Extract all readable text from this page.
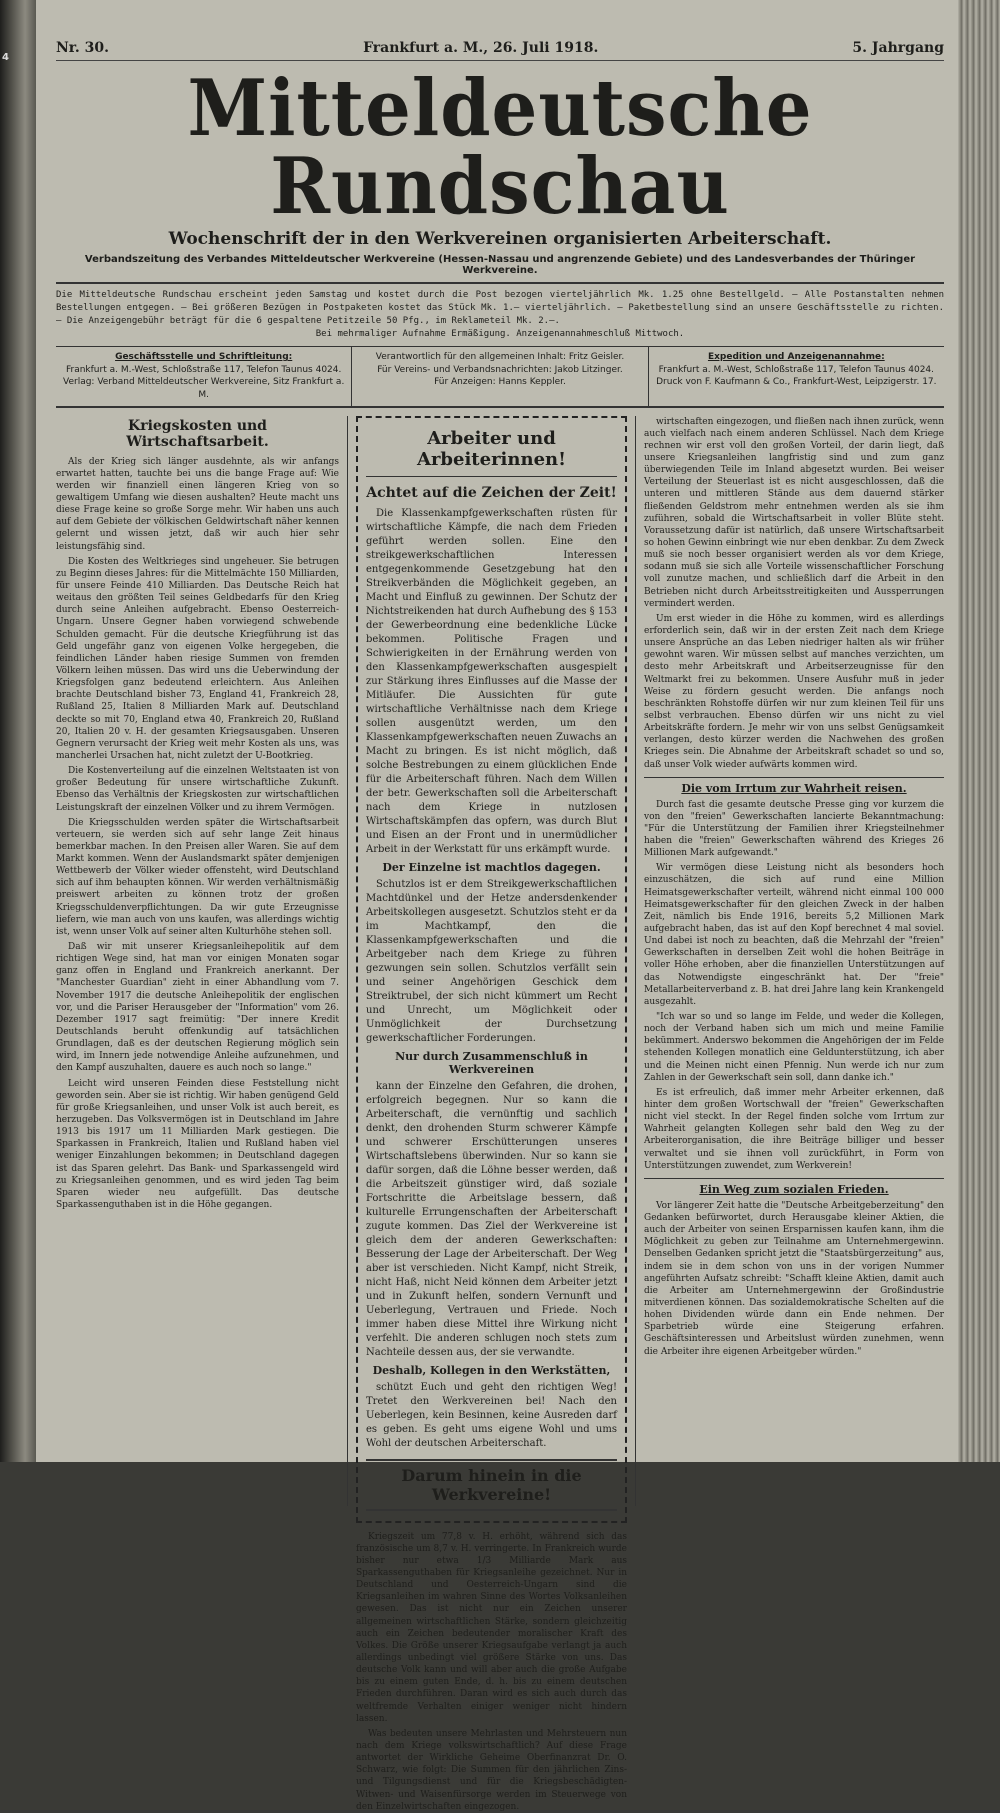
4
Nr. 30.	Frankfurt a. M., 26. Juli 1918.	5. Jahrgang
Mitteldeutsche Rundschau
Wochenschrift der in den Werkvereinen organisierten Arbeiterschaft.
Verbandszeitung des Verbandes Mitteldeutscher Werkvereine (Hessen-Nassau und angrenzende Gebiete) und des Landesverbandes der Thüringer Werkvereine.
Die Mitteldeutsche Rundschau erscheint jeden Samstag und kostet durch die Post bezogen vierteljährlich Mk. 1.25 ohne Bestellgeld. — Alle Postanstalten nehmen Bestellungen entgegen. — Bei größeren Bezügen in Postpaketen kostet das Stück Mk. 1.— vierteljährlich. — Paketbestellung sind an unsere Geschäftsstelle zu richten. — Die Anzeigengebühr beträgt für die 6 gespaltene Petitzeile 50 Pfg., im Reklameteil Mk. 2.—.
Bei mehrmaliger Aufnahme Ermäßigung. Anzeigenannahmeschluß Mittwoch.
Geschäftsstelle und Schriftleitung:
Frankfurt a. M.-West, Schloßstraße 117, Telefon Taunus 4024.
Verlag: Verband Mitteldeutscher Werkvereine, Sitz Frankfurt a. M.
Verantwortlich für den allgemeinen Inhalt: Fritz Geisler.
Für Vereins- und Verbandsnachrichten: Jakob Litzinger.
Für Anzeigen: Hanns Keppler.
Expedition und Anzeigenannahme:
Frankfurt a. M.-West, Schloßstraße 117, Telefon Taunus 4024.
Druck von F. Kaufmann & Co., Frankfurt-West, Leipzigerstr. 17.
Kriegskosten und Wirtschaftsarbeit.

Als der Krieg sich länger ausdehnte, als wir anfangs erwartet hatten, tauchte bei uns die bange Frage auf: Wie werden wir finanziell einen längeren Krieg von so gewaltigem Umfang wie diesen aushalten? Heute macht uns diese Frage keine so große Sorge mehr. Wir haben uns auch auf dem Gebiete der völkischen Geldwirtschaft näher kennen gelernt und wissen jetzt, daß wir auch hier sehr leistungsfähig sind.

Die Kosten des Weltkrieges sind ungeheuer. Sie betrugen zu Beginn dieses Jahres: für die Mittelmächte 150 Milliarden, für unsere Feinde 410 Milliarden. Das Deutsche Reich hat weitaus den größten Teil seines Geldbedarfs für den Krieg durch seine Anleihen aufgebracht. Ebenso Oesterreich-Ungarn. Unsere Gegner haben vorwiegend schwebende Schulden gemacht. Für die deutsche Kriegführung ist das Geld ungefähr ganz von eigenen Volke hergegeben, die feindlichen Länder haben riesige Summen von fremden Völkern leihen müssen. Das wird uns die Ueberwindung der Kriegsfolgen ganz bedeutend erleichtern. Aus Anleihen brachte Deutschland bisher 73, England 41, Frankreich 28, Rußland 25, Italien 8 Milliarden Mark auf. Deutschland deckte so mit 70, England etwa 40, Frankreich 20, Rußland 20, Italien 20 v. H. der gesamten Kriegsausgaben. Unseren Gegnern verursacht der Krieg weit mehr Kosten als uns, was mancherlei Ursachen hat, nicht zuletzt der U-Bootkrieg.

Die Kostenverteilung auf die einzelnen Weltstaaten ist von großer Bedeutung für unsere wirtschaftliche Zukunft. Ebenso das Verhältnis der Kriegskosten zur wirtschaftlichen Leistungskraft der einzelnen Völker und zu ihrem Vermögen.

Die Kriegsschulden werden später die Wirtschaftsarbeit verteuern, sie werden sich auf sehr lange Zeit hinaus bemerkbar machen. In den Preisen aller Waren. Sie auf dem Markt kommen. Wenn der Auslandsmarkt später demjenigen Wettbewerb der Völker wieder offensteht, wird Deutschland sich auf ihm behaupten können. Wir werden verhältnismäßig preiswert arbeiten zu können trotz der großen Kriegsschuldenverpflichtungen. Da wir gute Erzeugnisse liefern, wie man auch von uns kaufen, was allerdings wichtig ist, wenn unser Volk auf seiner alten Kulturhöhe stehen soll.

Daß wir mit unserer Kriegsanleihepolitik auf dem richtigen Wege sind, hat man vor einigen Monaten sogar ganz offen in England und Frankreich anerkannt. Der "Manchester Guardian" zieht in einer Abhandlung vom 7. November 1917 die deutsche Anleihepolitik der englischen vor, und die Pariser Herausgeber der "Information" vom 26. Dezember 1917 sagt freimütig: "Der innere Kredit Deutschlands beruht offenkundig auf tatsächlichen Grundlagen, daß es der deutschen Regierung möglich sein wird, im Innern jede notwendige Anleihe aufzunehmen, und den Kampf auszuhalten, dauere es auch noch so lange."

Leicht wird unseren Feinden diese Feststellung nicht geworden sein. Aber sie ist richtig. Wir haben genügend Geld für große Kriegsanleihen, und unser Volk ist auch bereit, es herzugeben. Das Volksvermögen ist in Deutschland im Jahre 1913 bis 1917 um 11 Milliarden Mark gestiegen. Die Sparkassen in Frankreich, Italien und Rußland haben viel weniger Einzahlungen bekommen; in Deutschland dagegen ist das Sparen gelehrt. Das Bank- und Sparkassengeld wird zu Kriegsanleihen genommen, und es wird jeden Tag beim Sparen wieder neu aufgefüllt. Das deutsche Sparkassenguthaben ist in die Höhe gegangen.

Arbeiter und Arbeiterinnen!
Achtet auf die Zeichen der Zeit!
Die Klassenkampfgewerkschaften rüsten für wirtschaftliche Kämpfe, die nach dem Frieden geführt werden sollen. Eine den streikgewerkschaftlichen Interessen entgegenkommende Gesetzgebung hat den Streikverbänden die Möglichkeit gegeben, an Macht und Einfluß zu gewinnen. Der Schutz der Nichtstreikenden hat durch Aufhebung des § 153 der Gewerbeordnung eine bedenkliche Lücke bekommen. Politische Fragen und Schwierigkeiten in der Ernährung werden von den Klassenkampfgewerkschaften ausgespielt zur Stärkung ihres Einflusses auf die Masse der Mitläufer. Die Aussichten für gute wirtschaftliche Verhältnisse nach dem Kriege sollen ausgenützt werden, um den Klassenkampfgewerkschaften neuen Zuwachs an Macht zu bringen. Es ist nicht möglich, daß solche Bestrebungen zu einem glücklichen Ende für die Arbeiterschaft führen. Nach dem Willen der betr. Gewerkschaften soll die Arbeiterschaft nach dem Kriege in nutzlosen Wirtschaftskämpfen das opfern, was durch Blut und Eisen an der Front und in unermüdlicher Arbeit in der Werkstatt für uns erkämpft wurde.
Der Einzelne ist machtlos dagegen.
Schutzlos ist er dem Streikgewerkschaftlichen Machtdünkel und der Hetze andersdenkender Arbeitskollegen ausgesetzt. Schutzlos steht er da im Machtkampf, den die Klassenkampfgewerkschaften und die Arbeitgeber nach dem Kriege zu führen gezwungen sein sollen. Schutzlos verfällt sein und seiner Angehörigen Geschick dem Streiktrubel, der sich nicht kümmert um Recht und Unrecht, um Möglichkeit oder Unmöglichkeit der Durchsetzung gewerkschaftlicher Forderungen.
Nur durch Zusammenschluß in Werkvereinen
kann der Einzelne den Gefahren, die drohen, erfolgreich begegnen. Nur so kann die Arbeiterschaft, die vernünftig und sachlich denkt, den drohenden Sturm schwerer Kämpfe und schwerer Erschütterungen unseres Wirtschaftslebens überwinden. Nur so kann sie dafür sorgen, daß die Löhne besser werden, daß die Arbeitszeit günstiger wird, daß soziale Fortschritte die Arbeitslage bessern, daß kulturelle Errungenschaften der Arbeiterschaft zugute kommen. Das Ziel der Werkvereine ist gleich dem der anderen Gewerkschaften: Besserung der Lage der Arbeiterschaft. Der Weg aber ist verschieden. Nicht Kampf, nicht Streik, nicht Haß, nicht Neid können dem Arbeiter jetzt und in Zukunft helfen, sondern Vernunft und Ueberlegung, Vertrauen und Friede. Noch immer haben diese Mittel ihre Wirkung nicht verfehlt. Die anderen schlugen noch stets zum Nachteile dessen aus, der sie verwandte.
Deshalb, Kollegen in den Werkstätten,
schützt Euch und geht den richtigen Weg! Tretet den Werkvereinen bei! Nach den Ueberlegen, kein Besinnen, keine Ausreden darf es geben. Es geht ums eigene Wohl und ums Wohl der deutschen Arbeiterschaft.
Darum hinein in die Werkvereine!

Kriegszeit um 77,8 v. H. erhöht, während sich das französische um 8,7 v. H. verringerte. In Frankreich wurde bisher nur etwa 1/3 Milliarde Mark aus Sparkassenguthaben für Kriegsanleihe gezeichnet. Nur in Deutschland und Oesterreich-Ungarn sind die Kriegsanleihen im wahren Sinne des Wortes Volksanleihen gewesen. Das ist nicht nur ein Zeichen unserer allgemeinen wirtschaftlichen Stärke, sondern gleichzeitig auch ein Zeichen bedeutender moralischer Kraft des Volkes. Die Größe unserer Kriegsaufgabe verlangt ja auch allerdings unbedingt viel größere Stärke von uns. Das deutsche Volk kann und will aber auch die große Aufgabe bis zu einem guten Ende, d. h. bis zu einem deutschen Frieden durchführen. Daran wird es sich auch durch das weltfremde Verhalten einiger weniger nicht hindern lassen.

Was bedeuten unsere Mehrlasten und Mehrsteuern nun nach dem Kriege volkswirtschaftlich? Auf diese Frage antwortet der Wirkliche Geheime Oberfinanzrat Dr. O. Schwarz, wie folgt: Die Summen für den jährlichen Zins- und Tilgungsdienst und für die Kriegsbeschädigten- Witwen- und Waisenfürsorge werden im Steuerwege von den Einzelwirtschaften eingezogen.

wirtschaften eingezogen, und fließen nach ihnen zurück, wenn auch vielfach nach einem anderen Schlüssel. Nach dem Kriege rechnen wir erst voll den großen Vorteil, der darin liegt, daß unsere Kriegsanleihen langfristig sind und zum ganz überwiegenden Teile im Inland abgesetzt wurden. Bei weiser Verteilung der Steuerlast ist es nicht ausgeschlossen, daß die unteren und mittleren Stände aus dem dauernd stärker fließenden Geldstrom mehr entnehmen werden als sie ihm zuführen, sobald die Wirtschaftsarbeit in voller Blüte steht. Voraussetzung dafür ist natürlich, daß unsere Wirtschaftsarbeit so hohen Gewinn einbringt wie nur eben denkbar. Zu dem Zweck muß sie noch besser organisiert werden als vor dem Kriege, sodann muß sie sich alle Vorteile wissenschaftlicher Forschung voll zunutze machen, und schließlich darf die Arbeit in den Betrieben nicht durch Arbeitsstreitigkeiten und Aussperrungen vermindert werden.

Um erst wieder in die Höhe zu kommen, wird es allerdings erforderlich sein, daß wir in der ersten Zeit nach dem Kriege unsere Ansprüche an das Leben niedriger halten als wir früher gewohnt waren. Wir müssen selbst auf manches verzichten, um desto mehr Arbeitskraft und Arbeitserzeugnisse für den Weltmarkt frei zu bekommen. Unsere Ausfuhr muß in jeder Weise zu fördern gesucht werden. Die anfangs noch beschränkten Rohstoffe dürfen wir nur zum kleinen Teil für uns selbst verbrauchen. Ebenso dürfen wir uns nicht zu viel Arbeitskräfte fordern. Je mehr wir von uns selbst Genügsamkeit verlangen, desto kürzer werden die Nachwehen des großen Krieges sein. Die Abnahme der Arbeitskraft schadet so und so, daß unser Volk wieder aufwärts kommen wird.

Die vom Irrtum zur Wahrheit reisen.

Durch fast die gesamte deutsche Presse ging vor kurzem die von den "freien" Gewerkschaften lancierte Bekanntmachung: "Für die Unterstützung der Familien ihrer Kriegsteilnehmer haben die "freien" Gewerkschaften während des Krieges 26 Millionen Mark aufgewandt."

Wir vermögen diese Leistung nicht als besonders hoch einzuschätzen, die sich auf rund eine Million Heimatsgewerkschafter verteilt, während nicht einmal 100 000 Heimatsgewerkschafter für den gleichen Zweck in der halben Zeit, nämlich bis Ende 1916, bereits 5,2 Millionen Mark aufgebracht haben, das ist auf den Kopf berechnet 4 mal soviel. Und dabei ist noch zu beachten, daß die Mehrzahl der "freien" Gewerkschaften in derselben Zeit wohl die hohen Beiträge in voller Höhe erhoben, aber die finanziellen Unterstützungen auf das Notwendigste eingeschränkt hat. Der "freie" Metallarbeiterverband z. B. hat drei Jahre lang kein Krankengeld ausgezahlt.

"Ich war so und so lange im Felde, und weder die Kollegen, noch der Verband haben sich um mich und meine Familie bekümmert. Anderswo bekommen die Angehörigen der im Felde stehenden Kollegen monatlich eine Geldunterstützung, ich aber und die Meinen nicht einen Pfennig. Nun werde ich nur zum Zahlen in der Gewerkschaft sein soll, dann danke ich."

Es ist erfreulich, daß immer mehr Arbeiter erkennen, daß hinter dem großen Wortschwall der "freien" Gewerkschaften nicht viel steckt. In der Regel finden solche vom Irrtum zur Wahrheit gelangten Kollegen sehr bald den Weg zu der Arbeiterorganisation, die ihre Beiträge billiger und besser verwaltet und sie ihnen voll zurückführt, in Form von Unterstützungen zuwendet, zum Werkverein!

Ein Weg zum sozialen Frieden.

Vor längerer Zeit hatte die "Deutsche Arbeitgeberzeitung" den Gedanken befürwortet, durch Herausgabe kleiner Aktien, die auch der Arbeiter von seinen Ersparnissen kaufen kann, ihm die Möglichkeit zu geben zur Teilnahme am Unternehmergewinn. Denselben Gedanken spricht jetzt die "Staatsbürgerzeitung" aus, indem sie in dem schon von uns in der vorigen Nummer angeführten Aufsatz schreibt: "Schafft kleine Aktien, damit auch die Arbeiter am Unternehmergewinn der Großindustrie mitverdienen können. Das sozialdemokratische Schelten auf die hohen Dividenden würde dann ein Ende nehmen. Der Sparbetrieb würde eine Steigerung erfahren. Geschäftsinteressen und Arbeitslust würden zunehmen, wenn die Arbeiter ihre eigenen Arbeitgeber würden."
